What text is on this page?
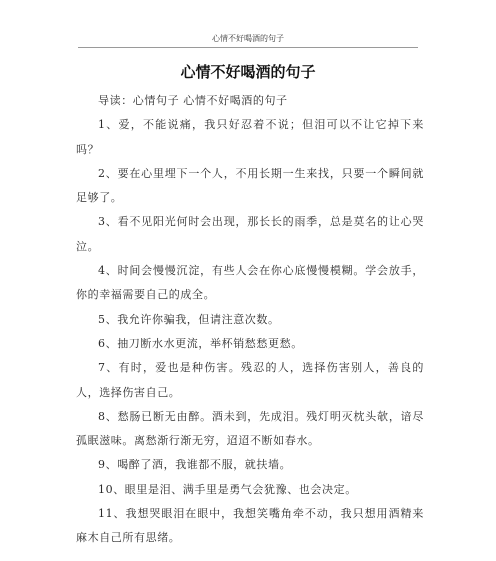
心情不好喝酒的句子
心情不好喝酒的句子

导读：心情句子 心情不好喝酒的句子

1、爱，不能说痛，我只好忍着不说；但泪可以不让它掉下来吗？

2、要在心里埋下一个人，不用长期一生来找，只要一个瞬间就足够了。

3、看不见阳光何时会出现，那长长的雨季，总是莫名的让心哭泣。

4、时间会慢慢沉淀，有些人会在你心底慢慢模糊。学会放手，你的幸福需要自己的成全。

5、我允许你骗我，但请注意次数。

6、抽刀断水水更流，举杯销愁愁更愁。

7、有时，爱也是种伤害。残忍的人，选择伤害别人，善良的人，选择伤害自己。

8、愁肠已断无由醉。酒未到，先成泪。残灯明灭枕头欹，谙尽孤眠滋味。离愁渐行渐无穷，迢迢不断如春水。

9、喝醉了酒，我谁都不服，就扶墙。

10、眼里是泪、满手里是勇气会犹豫、也会决定。

11、我想哭眼泪在眼中，我想笑嘴角牵不动，我只想用酒精来麻木自己所有思绪。
